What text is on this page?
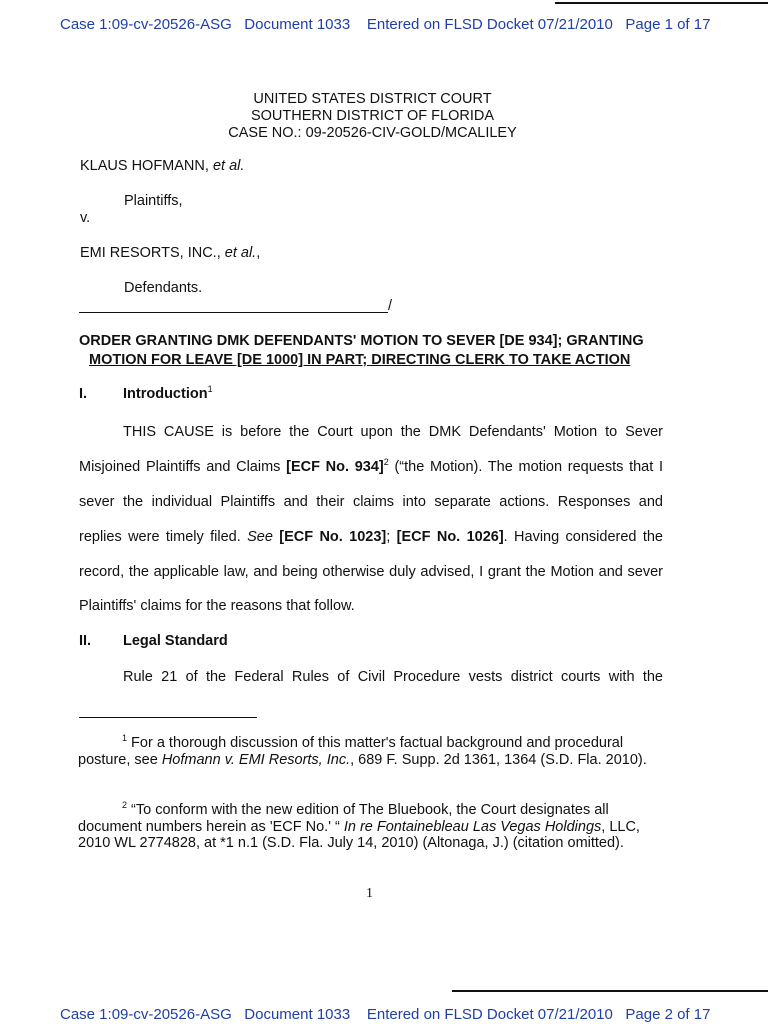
Case 1:09-cv-20526-ASG Document 1033 Entered on FLSD Docket 07/21/2010 Page 1 of 17
UNITED STATES DISTRICT COURT
SOUTHERN DISTRICT OF FLORIDA
CASE NO.: 09-20526-CIV-GOLD/MCALILEY
KLAUS HOFMANN, et al.
Plaintiffs,
v.
EMI RESORTS, INC., et al.,
Defendants.
/
ORDER GRANTING DMK DEFENDANTS' MOTION TO SEVER [DE 934]; GRANTING
MOTION FOR LEAVE [DE 1000] IN PART; DIRECTING CLERK TO TAKE ACTION
I. Introduction$^1$
THIS CAUSE is before the Court upon the DMK Defendants' Motion to Sever
Misjoined Plaintiffs and Claims [ECF No. 934]$^2$ (“the Motion). The motion requests that I
sever the individual Plaintiffs and their claims into separate actions. Responses and
replies were timely filed. See [ECF No. 1023]; [ECF No. 1026]. Having considered the
record, the applicable law, and being otherwise duly advised, I grant the Motion and sever
Plaintiffs' claims for the reasons that follow.
II. Legal Standard
Rule 21 of the Federal Rules of Civil Procedure vests district courts with the
$^1$ For a thorough discussion of this matter's factual background and procedural posture, see Hofmann v. EMI Resorts, Inc., 689 F. Supp. 2d 1361, 1364 (S.D. Fla. 2010).
$^2$ “To conform with the new edition of The Bluebook, the Court designates all document numbers herein as 'ECF No.' “ In re Fontainebleau Las Vegas Holdings, LLC, 2010 WL 2774828, at *1 n.1 (S.D. Fla. July 14, 2010) (Altonaga, J.) (citation omitted).
1
Case 1:09-cv-20526-ASG Document 1033 Entered on FLSD Docket 07/21/2010 Page 2 of 17
